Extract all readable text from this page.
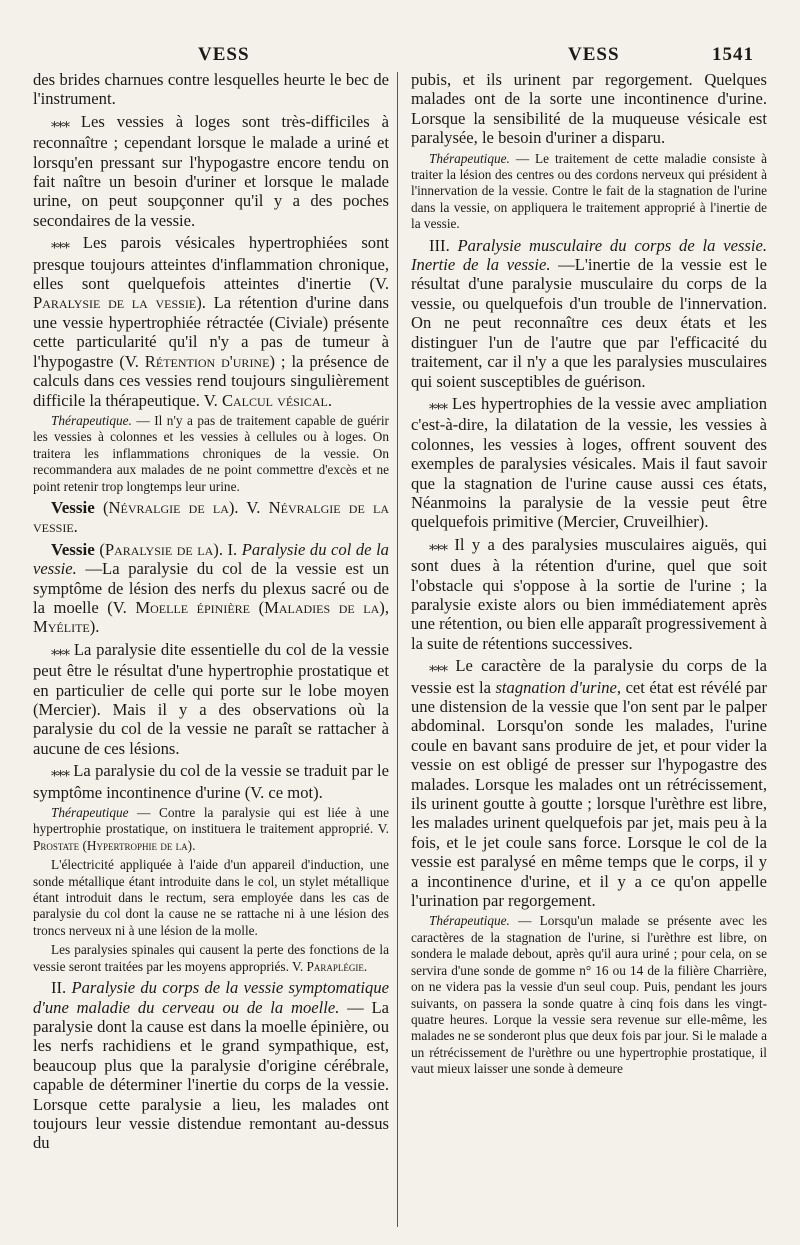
VESS	VESS	1541

des brides charnues contre lesquelles heurte le bec de l'instrument.

⁎⁎⁎ Les vessies à loges sont très-difficiles à reconnaître ; cependant lorsque le malade a uriné et lorsqu'en pressant sur l'hypogastre encore tendu on fait naître un besoin d'uriner et lorsque le malade urine, on peut soupçonner qu'il y a des poches secondaires de la vessie.

⁎⁎⁎ Les parois vésicales hypertrophiées sont presque toujours atteintes d'inflammation chronique, elles sont quelquefois atteintes d'inertie (V. Paralysie de la vessie). La rétention d'urine dans une vessie hypertrophiée rétractée (Civiale) présente cette particularité qu'il n'y a pas de tumeur à l'hypogastre (V. Rétention d'urine) ; la présence de calculs dans ces vessies rend toujours singulièrement difficile la thérapeutique. V. Calcul vésical.

Thérapeutique. — Il n'y a pas de traitement capable de guérir les vessies à colonnes et les vessies à cellules ou à loges. On traitera les inflammations chroniques de la vessie. On recommandera aux malades de ne point commettre d'excès et ne point retenir trop longtemps leur urine.

Vessie (Névralgie de la). V. Névralgie de la vessie.

Vessie (Paralysie de la). I. Paralysie du col de la vessie. —La paralysie du col de la vessie est un symptôme de lésion des nerfs du plexus sacré ou de la moelle (V. Moelle épinière (Maladies de la), Myélite).

⁎⁎⁎ La paralysie dite essentielle du col de la vessie peut être le résultat d'une hypertrophie prostatique et en particulier de celle qui porte sur le lobe moyen (Mercier). Mais il y a des observations où la paralysie du col de la vessie ne paraît se rattacher à aucune de ces lésions.

⁎⁎⁎ La paralysie du col de la vessie se traduit par le symptôme incontinence d'urine (V. ce mot).

Thérapeutique — Contre la paralysie qui est liée à une hypertrophie prostatique, on instituera le traitement approprié. V. Prostate (Hypertrophie de la).

L'électricité appliquée à l'aide d'un appareil d'induction, une sonde métallique étant introduite dans le col, un stylet métallique étant introduit dans le rectum, sera employée dans les cas de paralysie du col dont la cause ne se rattache ni à une lésion des troncs nerveux ni à une lésion de la molle.

Les paralysies spinales qui causent la perte des fonctions de la vessie seront traitées par les moyens appropriés. V. Paraplégie.

II. Paralysie du corps de la vessie symptomatique d'une maladie du cerveau ou de la moelle. — La paralysie dont la cause est dans la moelle épinière, ou les nerfs rachidiens et le grand sympathique, est, beaucoup plus que la paralysie d'origine cérébrale, capable de déterminer l'inertie du corps de la vessie. Lorsque cette paralysie a lieu, les malades ont toujours leur vessie distendue remontant au-dessus du

pubis, et ils urinent par regorgement. Quelques malades ont de la sorte une incontinence d'urine. Lorsque la sensibilité de la muqueuse vésicale est paralysée, le besoin d'uriner a disparu.

Thérapeutique. — Le traitement de cette maladie consiste à traiter la lésion des centres ou des cordons nerveux qui président à l'innervation de la vessie. Contre le fait de la stagnation de l'urine dans la vessie, on appliquera le traitement approprié à l'inertie de la vessie.

III. Paralysie musculaire du corps de la vessie. Inertie de la vessie. —L'inertie de la vessie est le résultat d'une paralysie musculaire du corps de la vessie, ou quelquefois d'un trouble de l'innervation. On ne peut reconnaître ces deux états et les distinguer l'un de l'autre que par l'efficacité du traitement, car il n'y a que les paralysies musculaires qui soient susceptibles de guérison.

⁎⁎⁎ Les hypertrophies de la vessie avec ampliation c'est-à-dire, la dilatation de la vessie, les vessies à colonnes, les vessies à loges, offrent souvent des exemples de paralysies vésicales. Mais il faut savoir que la stagnation de l'urine cause aussi ces états, Néanmoins la paralysie de la vessie peut être quelquefois primitive (Mercier, Cruveilhier).

⁎⁎⁎ Il y a des paralysies musculaires aiguës, qui sont dues à la rétention d'urine, quel que soit l'obstacle qui s'oppose à la sortie de l'urine ; la paralysie existe alors ou bien immédiatement après une rétention, ou bien elle apparaît progressivement à la suite de rétentions successives.

⁎⁎⁎ Le caractère de la paralysie du corps de la vessie est la stagnation d'urine, cet état est révélé par une distension de la vessie que l'on sent par le palper abdominal. Lorsqu'on sonde les malades, l'urine coule en bavant sans produire de jet, et pour vider la vessie on est obligé de presser sur l'hypogastre des malades. Lorsque les malades ont un rétrécissement, ils urinent goutte à goutte ; lorsque l'urèthre est libre, les malades urinent quelquefois par jet, mais peu à la fois, et le jet coule sans force. Lorsque le col de la vessie est paralysé en même temps que le corps, il y a incontinence d'urine, et il y a ce qu'on appelle l'urination par regorgement.

Thérapeutique. — Lorsqu'un malade se présente avec les caractères de la stagnation de l'urine, si l'urèthre est libre, on sondera le malade debout, après qu'il aura uriné ; pour cela, on se servira d'une sonde de gomme n° 16 ou 14 de la filière Charrière, on ne videra pas la vessie d'un seul coup. Puis, pendant les jours suivants, on passera la sonde quatre à cinq fois dans les vingt-quatre heures. Lorque la vessie sera revenue sur elle-même, les malades ne se sonderont plus que deux fois par jour. Si le malade a un rétrécissement de l'urèthre ou une hypertrophie prostatique, il vaut mieux laisser une sonde à demeure
